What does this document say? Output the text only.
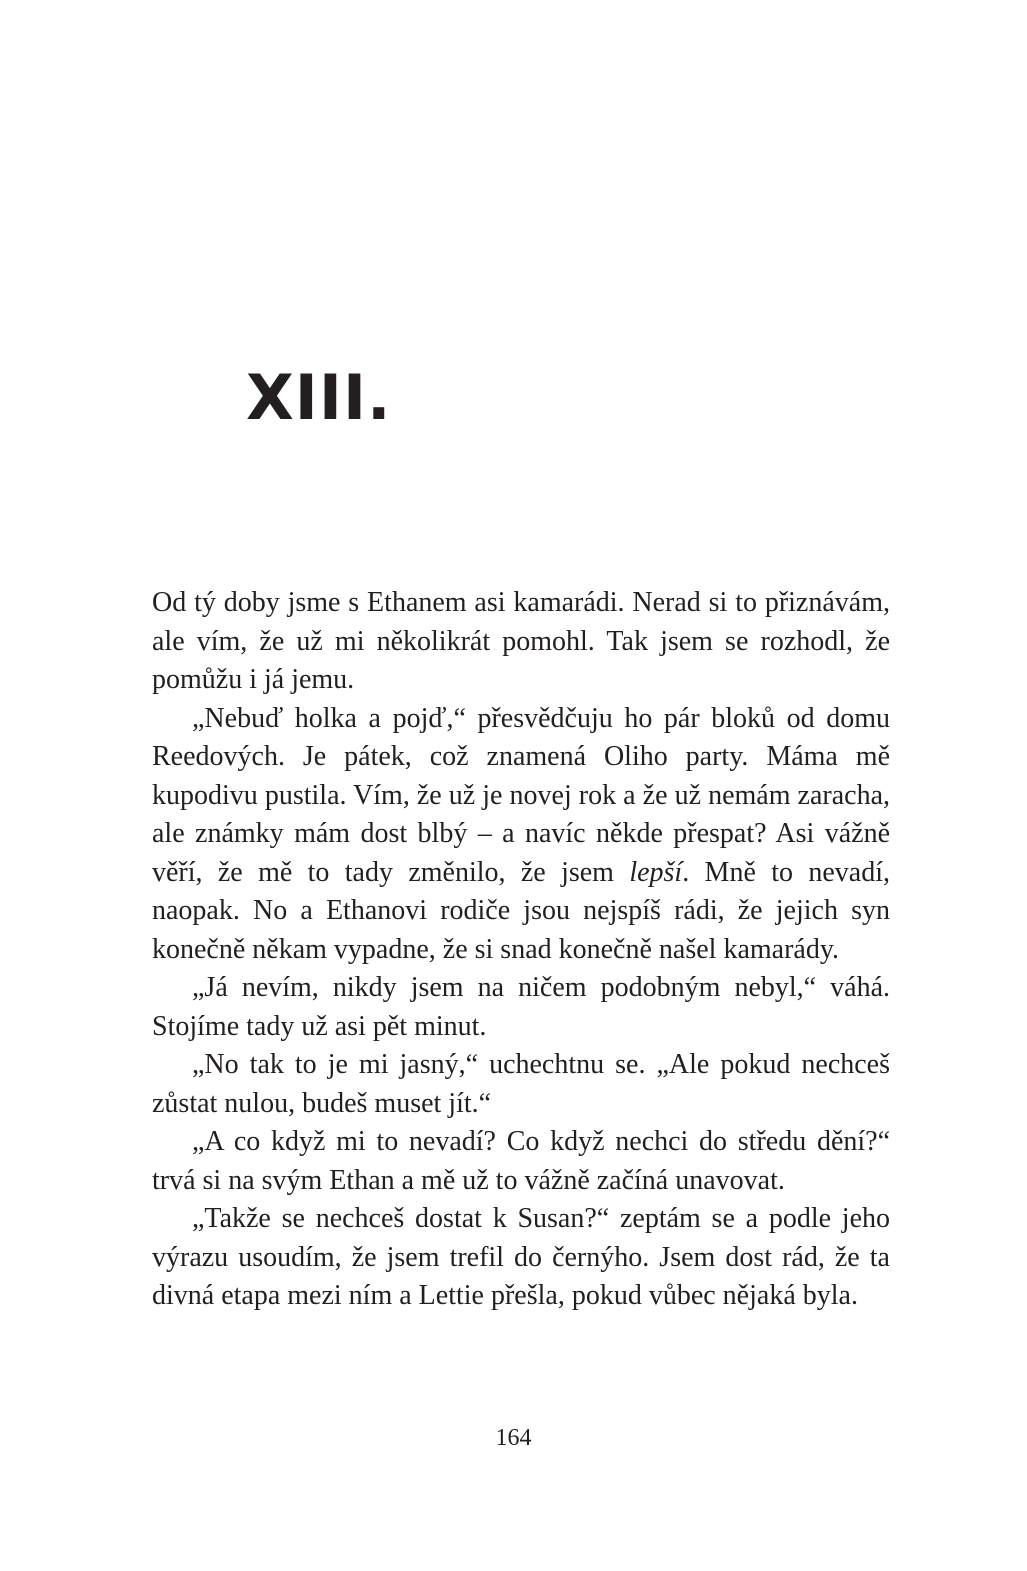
XIII.

Od tý doby jsme s Ethanem asi kamarádi. Nerad si to přiznávám, ale vím, že už mi několikrát pomohl. Tak jsem se rozhodl, že pomůžu i já jemu.

„Nebuď holka a pojď,“ přesvědčuju ho pár bloků od domu Reedových. Je pátek, což znamená Oliho party. Máma mě kupodivu pustila. Vím, že už je novej rok a že už nemám zaracha, ale známky mám dost blbý – a navíc někde přespat? Asi vážně věří, že mě to tady změnilo, že jsem lepší. Mně to nevadí, naopak. No a Ethanovi rodiče jsou nejspíš rádi, že jejich syn konečně někam vypadne, že si snad konečně našel kamarády.

„Já nevím, nikdy jsem na ničem podobným nebyl,“ váhá. Stojíme tady už asi pět minut.

„No tak to je mi jasný,“ uchechtnu se. „Ale pokud nechceš zůstat nulou, budeš muset jít.“

„A co když mi to nevadí? Co když nechci do středu dění?“ trvá si na svým Ethan a mě už to vážně začíná unavovat.

„Takže se nechceš dostat k Susan?“ zeptám se a podle jeho výrazu usoudím, že jsem trefil do černýho. Jsem dost rád, že ta divná etapa mezi ním a Lettie přešla, pokud vůbec nějaká byla.

164
